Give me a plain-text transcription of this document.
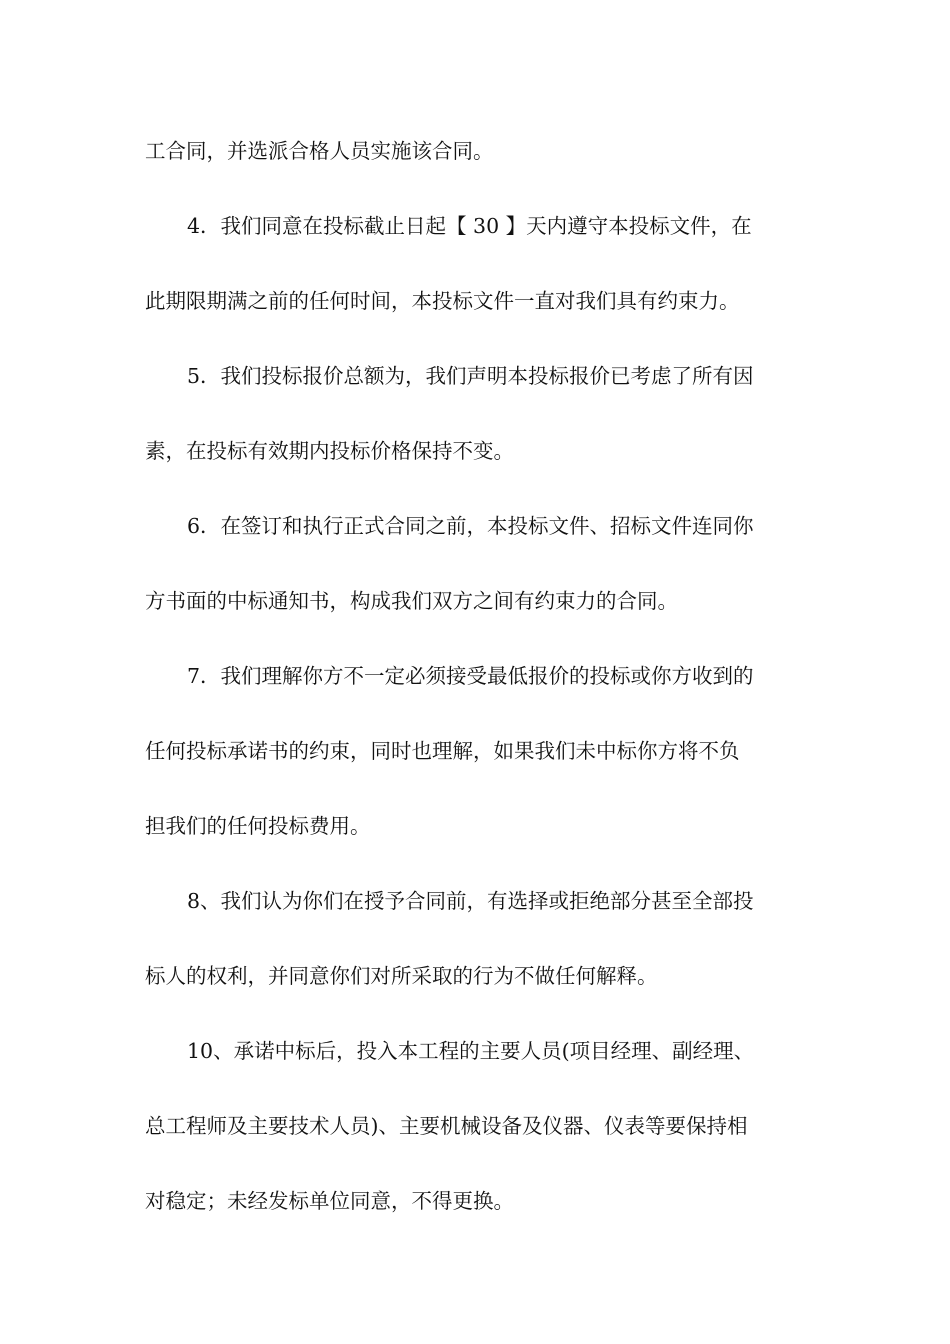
工合同，并选派合格人员实施该合同。
4．我们同意在投标截止日起【 30 】天内遵守本投标文件，在
此期限期满之前的任何时间，本投标文件一直对我们具有约束力。
5．我们投标报价总额为，我们声明本投标报价已考虑了所有因
素，在投标有效期内投标价格保持不变。
6．在签订和执行正式合同之前，本投标文件、招标文件连同你
方书面的中标通知书，构成我们双方之间有约束力的合同。
7．我们理解你方不一定必须接受最低报价的投标或你方收到的
任何投标承诺书的约束，同时也理解，如果我们未中标你方将不负
担我们的任何投标费用。
8、我们认为你们在授予合同前，有选择或拒绝部分甚至全部投
标人的权利，并同意你们对所采取的行为不做任何解释。
10、承诺中标后，投入本工程的主要人员(项目经理、副经理、
总工程师及主要技术人员)、主要机械设备及仪器、仪表等要保持相
对稳定；未经发标单位同意，不得更换。
